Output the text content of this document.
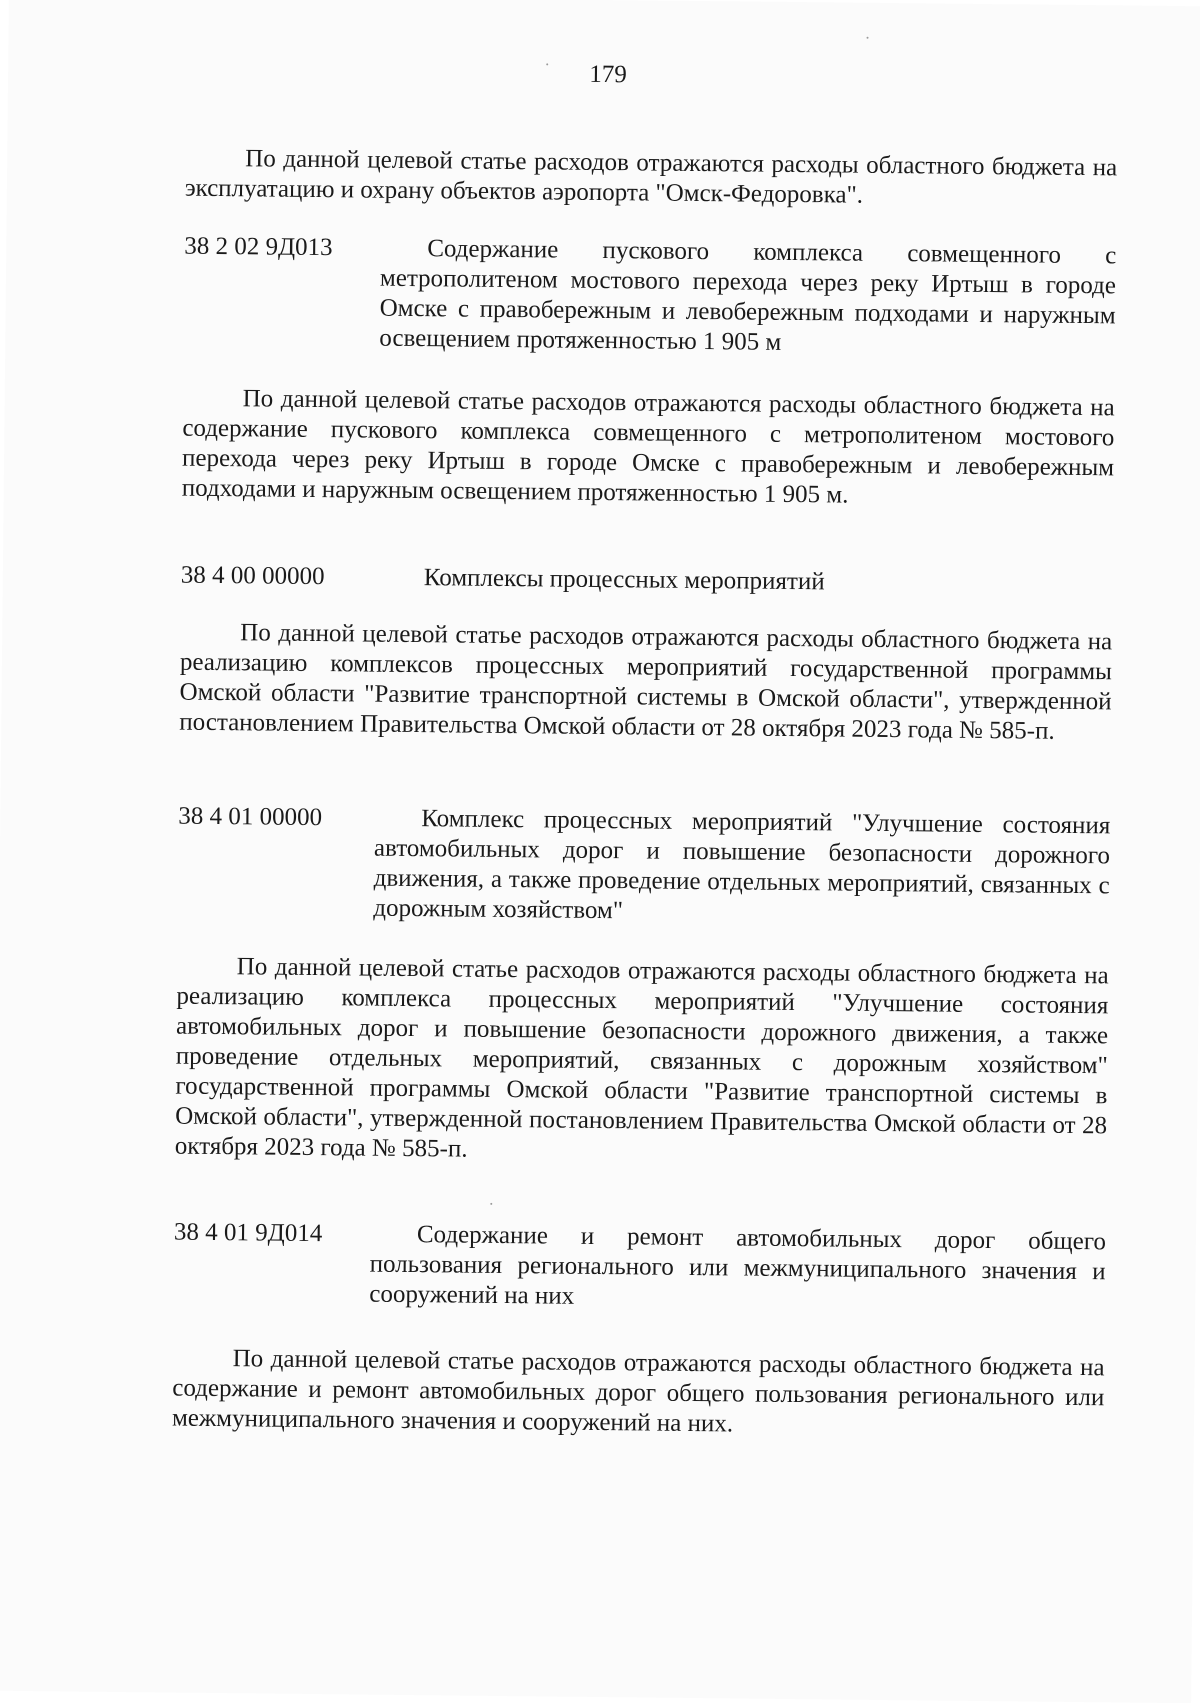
179

По данной целевой статье расходов отражаются расходы областного бюджета на эксплуатацию и охрану объектов аэропорта "Омск-Федоровка".

38 2 02 9Д013	Содержание пускового комплекса совмещенного с метрополитеном мостового перехода через реку Иртыш в городе Омске с правобережным и левобережным подходами и наружным освещением протяженностью 1 905 м

По данной целевой статье расходов отражаются расходы областного бюджета на содержание пускового комплекса совмещенного с метрополитеном мостового перехода через реку Иртыш в городе Омске с правобережным и левобережным подходами и наружным освещением протяженностью 1 905 м.

38 4 00 00000	Комплексы процессных мероприятий

По данной целевой статье расходов отражаются расходы областного бюджета на реализацию комплексов процессных мероприятий государственной программы Омской области "Развитие транспортной системы в Омской области", утвержденной постановлением Правительства Омской области от 28 октября 2023 года № 585-п.

38 4 01 00000	Комплекс процессных мероприятий "Улучшение состояния автомобильных дорог и повышение безопасности дорожного движения, а также проведение отдельных мероприятий, связанных с дорожным хозяйством"

По данной целевой статье расходов отражаются расходы областного бюджета на реализацию комплекса процессных мероприятий "Улучшение состояния автомобильных дорог и повышение безопасности дорожного движения, а также проведение отдельных мероприятий, связанных с дорожным хозяйством" государственной программы Омской области "Развитие транспортной системы в Омской области", утвержденной постановлением Правительства Омской области от 28 октября 2023 года № 585-п.

38 4 01 9Д014	Содержание и ремонт автомобильных дорог общего пользования регионального или межмуниципального значения и сооружений на них

По данной целевой статье расходов отражаются расходы областного бюджета на содержание и ремонт автомобильных дорог общего пользования регионального или межмуниципального значения и сооружений на них.
